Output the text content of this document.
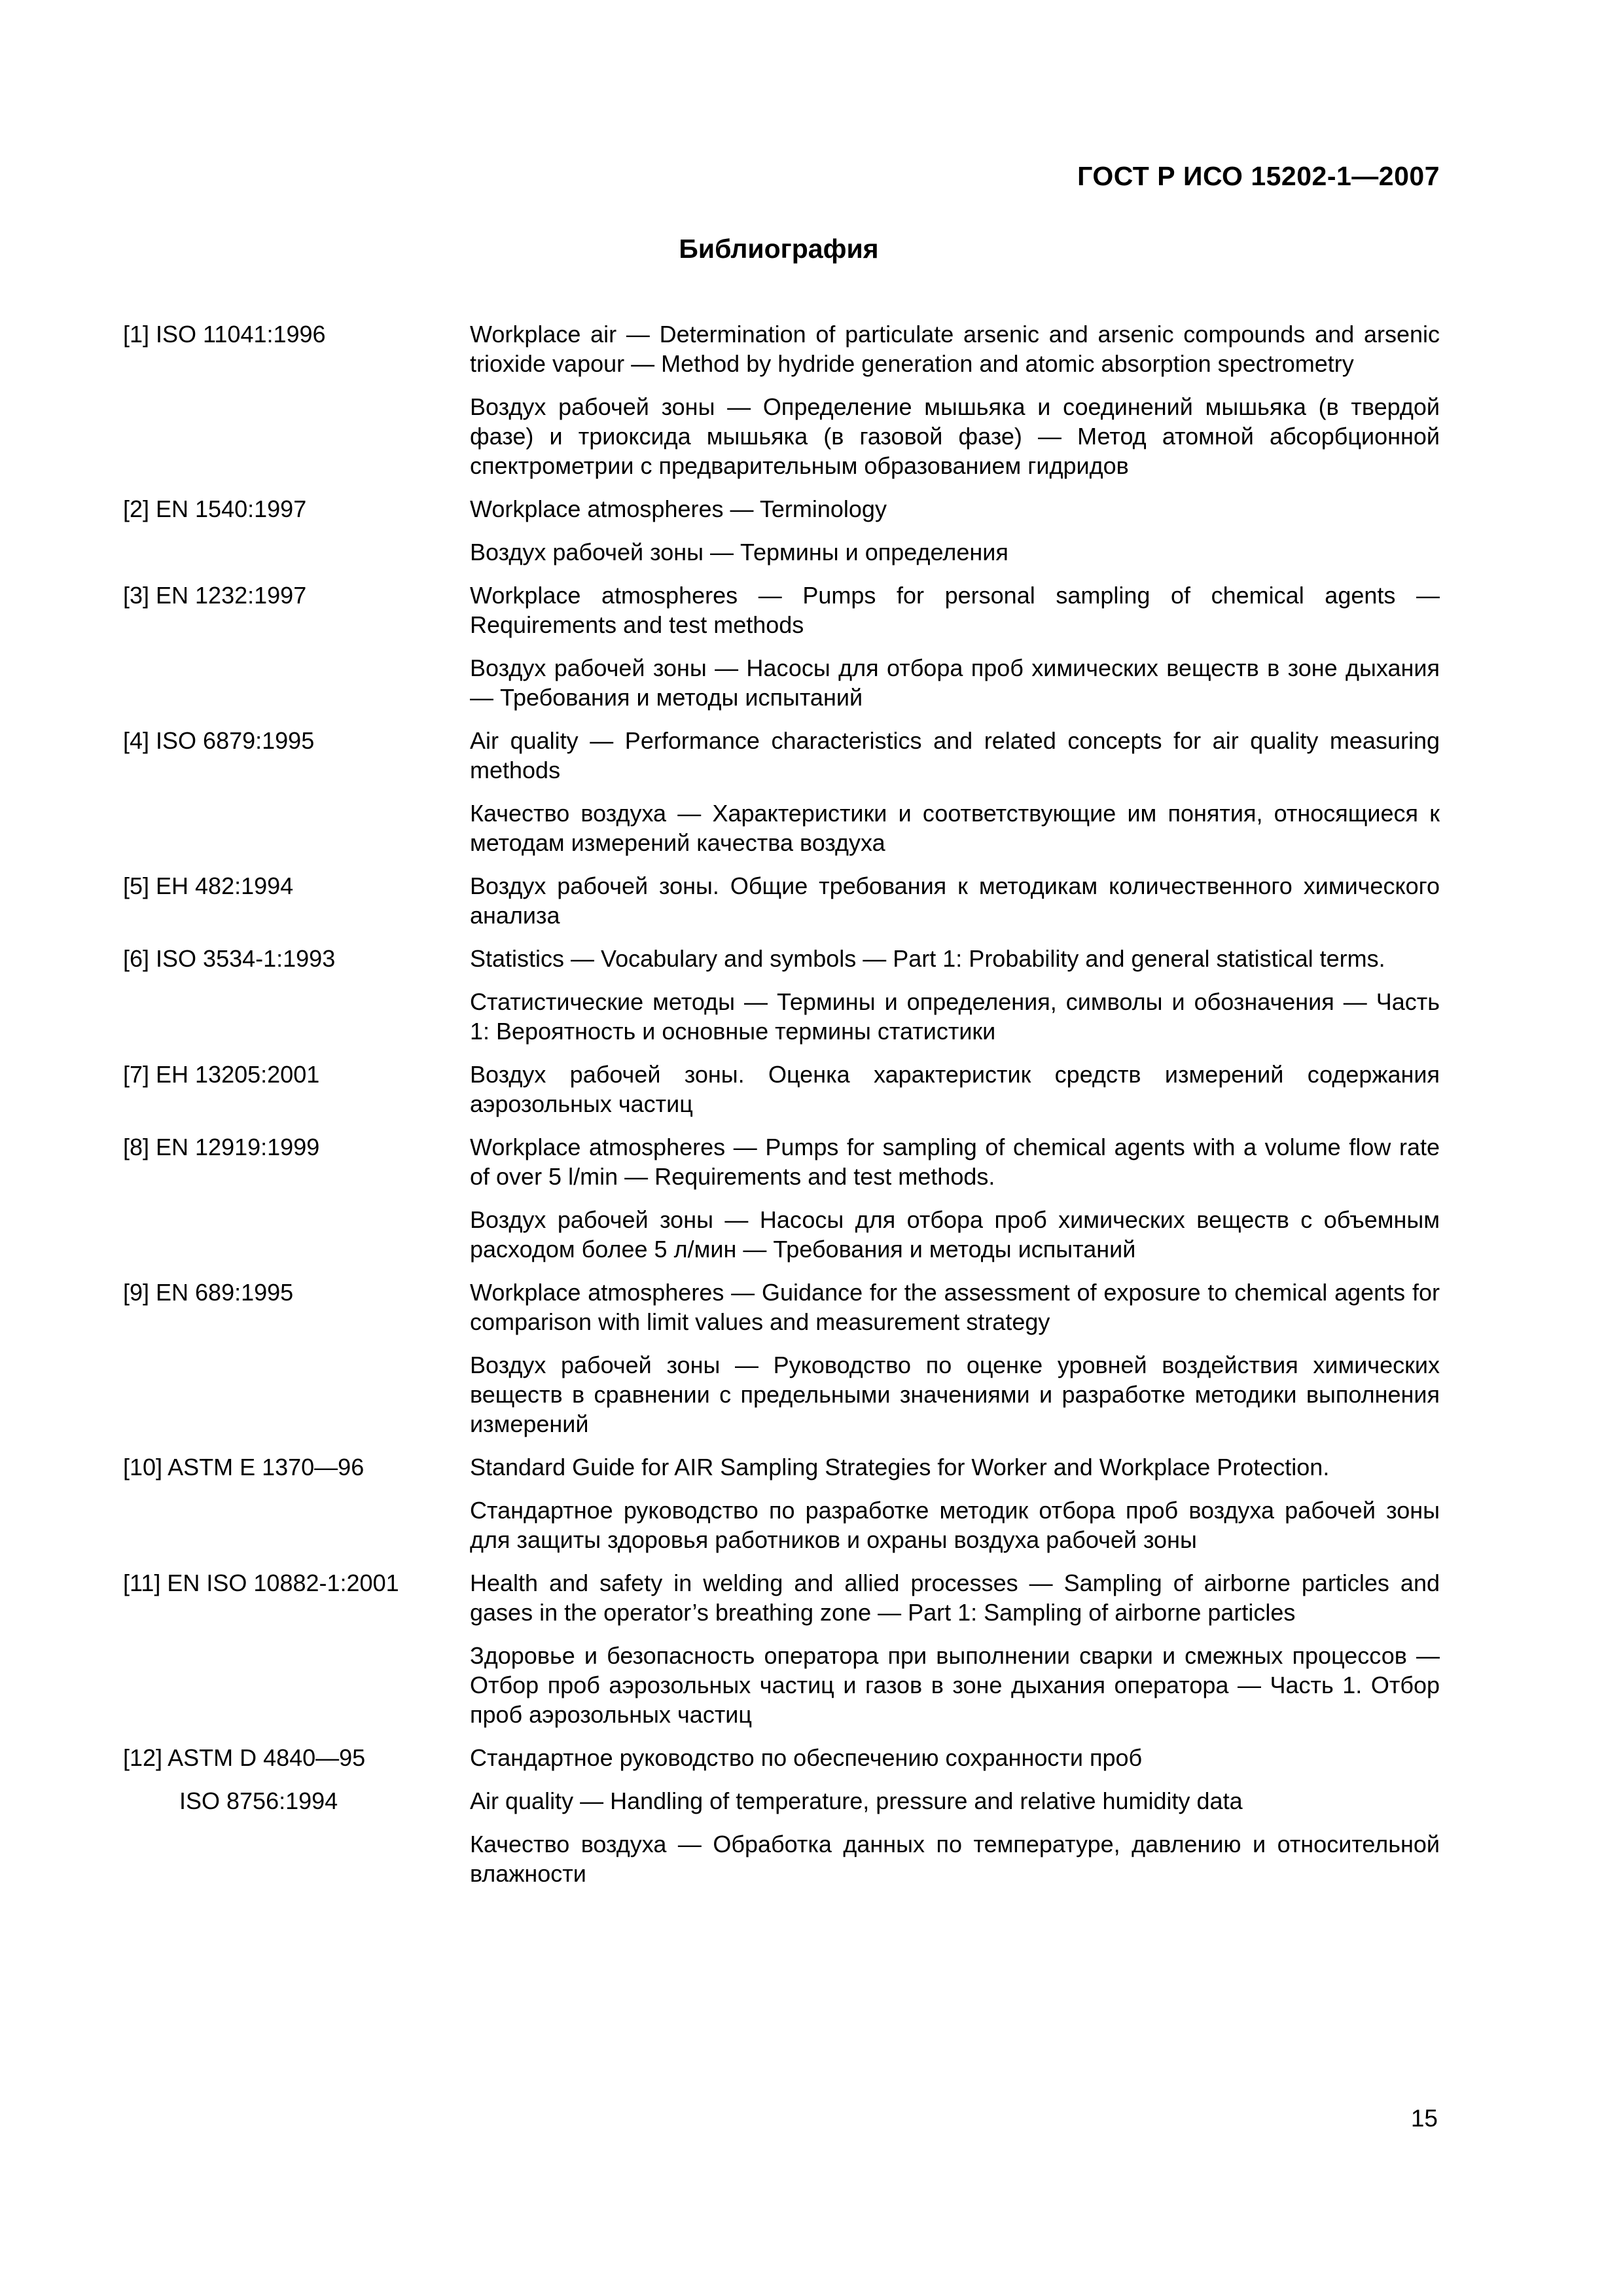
ГОСТ Р ИСО 15202-1—2007
Библиография
[1] ISO 11041:1996	Workplace air — Determination of particulate arsenic and arsenic compounds and arsenic trioxide vapour — Method by hydride generation and atomic absorption spectrometry
Воздух рабочей зоны — Определение мышьяка и соединений мышьяка (в твердой фазе) и триоксида мышьяка (в газовой фазе) — Метод атомной абсорбционной спектрометрии с предварительным образованием гидридов
[2] EN 1540:1997	Workplace atmospheres — Terminology
Воздух рабочей зоны — Термины и определения
[3] EN 1232:1997	Workplace atmospheres — Pumps for personal sampling of chemical agents — Requirements and test methods
Воздух рабочей зоны — Насосы для отбора проб химических веществ в зоне дыхания — Требования и методы испытаний
[4] ISO 6879:1995	Air quality — Performance characteristics and related concepts for air quality measuring methods
Качество воздуха — Характеристики и соответствующие им понятия, относящиеся к методам измерений качества воздуха
[5] ЕН 482:1994	Воздух рабочей зоны. Общие требования к методикам количественного химического анализа
[6] ISO 3534-1:1993	Statistics — Vocabulary and symbols — Part 1: Probability and general statistical terms.
Статистические методы — Термины и определения, символы и обозначения — Часть 1: Вероятность и основные термины статистики
[7] ЕН 13205:2001	Воздух рабочей зоны. Оценка характеристик средств измерений содержания аэрозольных частиц
[8] EN 12919:1999	Workplace atmospheres — Pumps for sampling of chemical agents with a volume flow rate of over 5 l/min — Requirements and test methods.
Воздух рабочей зоны — Насосы для отбора проб химических веществ с объемным расходом более 5 л/мин — Требования и методы испытаний
[9] EN 689:1995	Workplace atmospheres — Guidance for the assessment of exposure to chemical agents for comparison with limit values and measurement strategy
Воздух рабочей зоны — Руководство по оценке уровней воздействия химических веществ в сравнении с предельными значениями и разработке методики выполнения измерений
[10] ASTM E 1370—96	Standard Guide for AIR Sampling Strategies for Worker and Workplace Protection.
Стандартное руководство по разработке методик отбора проб воздуха рабочей зоны для защиты здоровья работников и охраны воздуха рабочей зоны
[11] EN ISO 10882-1:2001	Health and safety in welding and allied processes — Sampling of airborne particles and gases in the operator’s breathing zone — Part 1: Sampling of airborne particles
Здоровье и безопасность оператора при выполнении сварки и смежных процессов — Отбор проб аэрозольных частиц и газов в зоне дыхания оператора — Часть 1. Отбор проб аэрозольных частиц
[12] ASTM D 4840—95	Стандартное руководство по обеспечению сохранности проб
ISO 8756:1994	Air quality — Handling of temperature, pressure and relative humidity data
Качество воздуха — Обработка данных по температуре, давлению и относительной влажности
15
